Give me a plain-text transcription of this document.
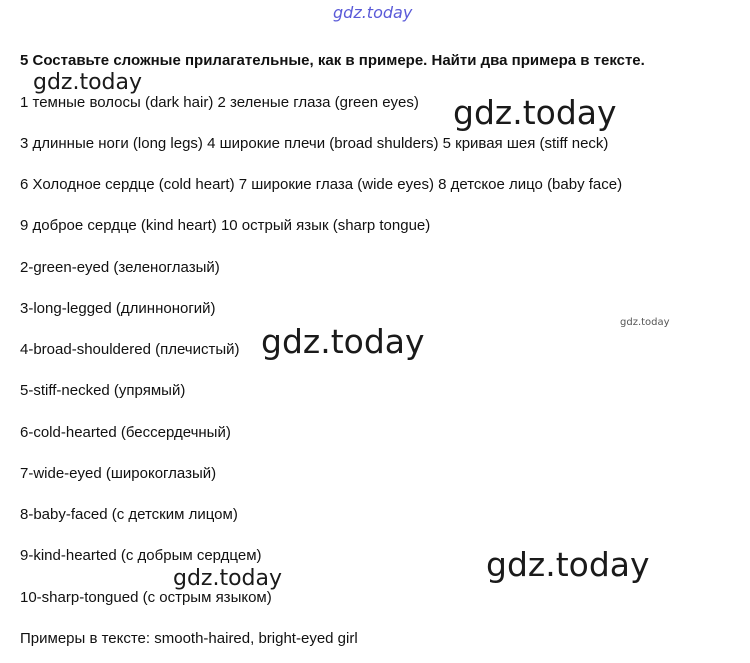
gdz.today
gdz.today
gdz.today
gdz.today
gdz.today
gdz.today
gdz.today
5 Составьте сложные прилагательные, как в примере. Найти два примера в тексте.
1 темные волосы (dark hair) 2 зеленые глаза (green eyes)
3 длинные ноги (long legs) 4 широкие плечи (broad shulders) 5 кривая шея (stiff neck)
6 Холодное сердце (cold heart) 7 широкие глаза (wide eyes) 8 детское лицо (baby face)
9 доброе сердце (kind heart) 10 острый язык (sharp tongue)
2-green-eyed (зеленоглазый)
3-long-legged (длинноногий)
4-broad-shouldered (плечистый)
5-stiff-necked (упрямый)
6-cold-hearted (бессердечный)
7-wide-eyed (широкоглазый)
8-baby-faced (с детским лицом)
9-kind-hearted (с добрым сердцем)
10-sharp-tongued (с острым языком)
Примеры в тексте: smooth-haired, bright-eyed girl
